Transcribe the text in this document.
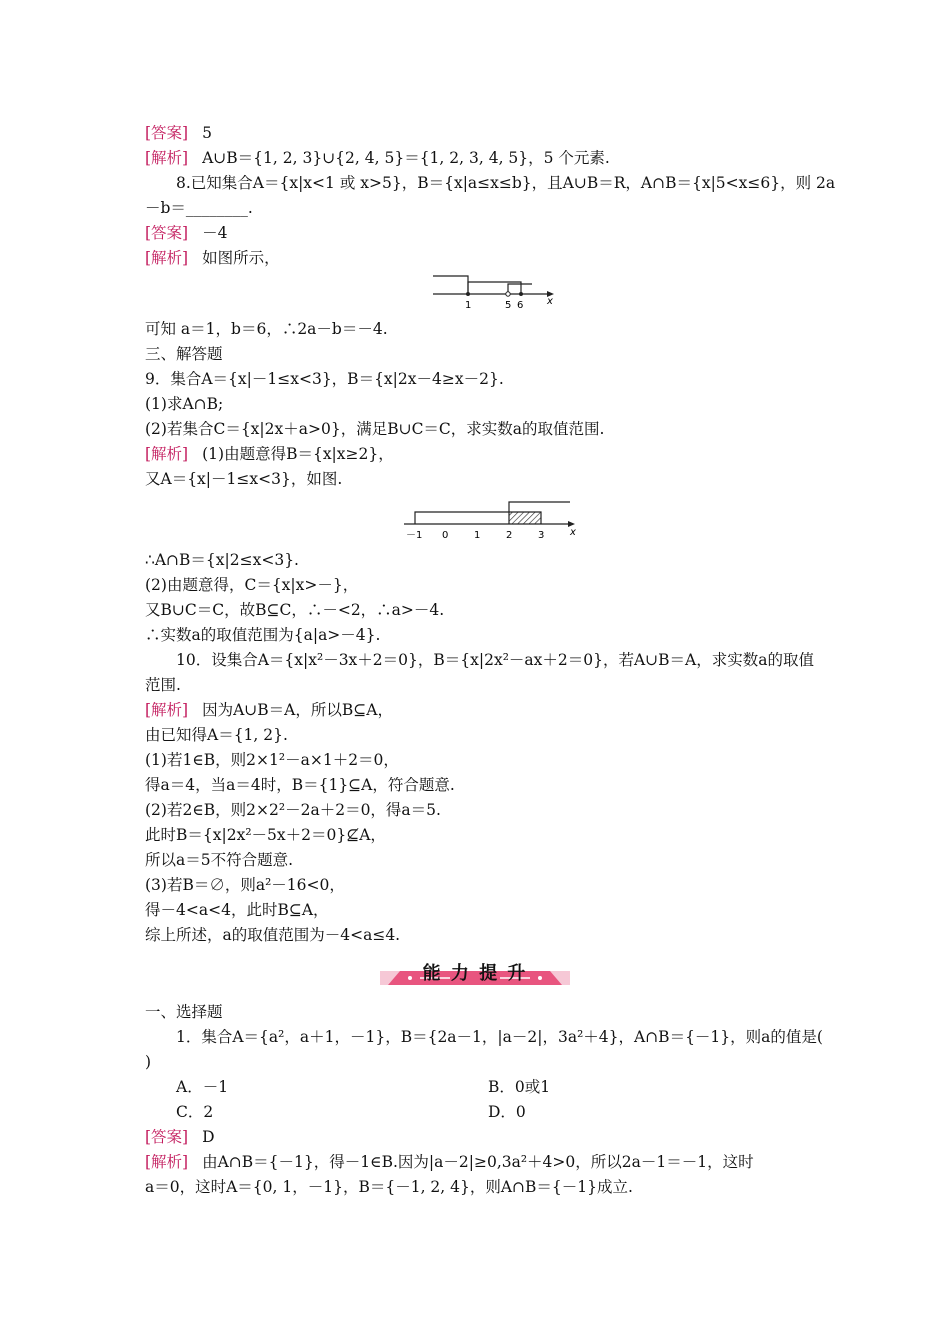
[答案] 5
[解析] A∪B＝{1, 2, 3}∪{2, 4, 5}＝{1, 2, 3, 4, 5}，5 个元素.
8.已知集合A＝{x|x<1 或 x>5}，B＝{x|a≤x≤b}，且A∪B＝R，A∩B＝{x|5<x≤6}，则 2a
－b＝________.
[答案] －4
[解析] 如图所示，
1	5 6 x
可知 a＝1，b＝6，∴2a－b＝－4.
三、解答题
9．集合A＝{x|－1≤x<3}，B＝{x|2x－4≥x－2}.
(1)求A∩B;
(2)若集合C＝{x|2x＋a>0}，满足B∪C＝C，求实数a的取值范围.
[解析] (1)由题意得B＝{x|x≥2}，
又A＝{x|－1≤x<3}，如图.
－1 0	1	2	3	x
∴A∩B＝{x|2≤x<3}.
(2)由题意得，C＝{x|x>－}，
又B∪C＝C，故B⊆C，∴－<2，∴a>－4.
∴实数a的取值范围为{a|a>－4}.
10．设集合A＝{x|x²－3x＋2＝0}，B＝{x|2x²－ax＋2＝0}，若A∪B＝A，求实数a的取值
范围.
[解析] 因为A∪B＝A，所以B⊆A，
由已知得A＝{1, 2}.
(1)若1∈B，则2×1²－a×1＋2＝0，
得a＝4，当a＝4时，B＝{1}⊆A，符合题意.
(2)若2∈B，则2×2²－2a＋2＝0，得a＝5.
此时B＝{x|2x²－5x＋2＝0}⊈A，
所以a＝5不符合题意.
(3)若B＝∅，则a²－16<0，
得－4<a<4，此时B⊆A，
综上所述，a的取值范围为－4<a≤4.
能 力 提 升
一、选择题
1．集合A＝{a²，a＋1，－1}，B＝{2a－1，|a－2|，3a²＋4}，A∩B＝{－1}，则a的值是(
)
A．－1	B．0或1
C．2	D．0
[答案] D
[解析] 由A∩B＝{－1}，得－1∈B.因为|a－2|≥0,3a²＋4>0，所以2a－1＝－1，这时
a＝0，这时A＝{0, 1，－1}，B＝{－1, 2, 4}，则A∩B＝{－1}成立.
